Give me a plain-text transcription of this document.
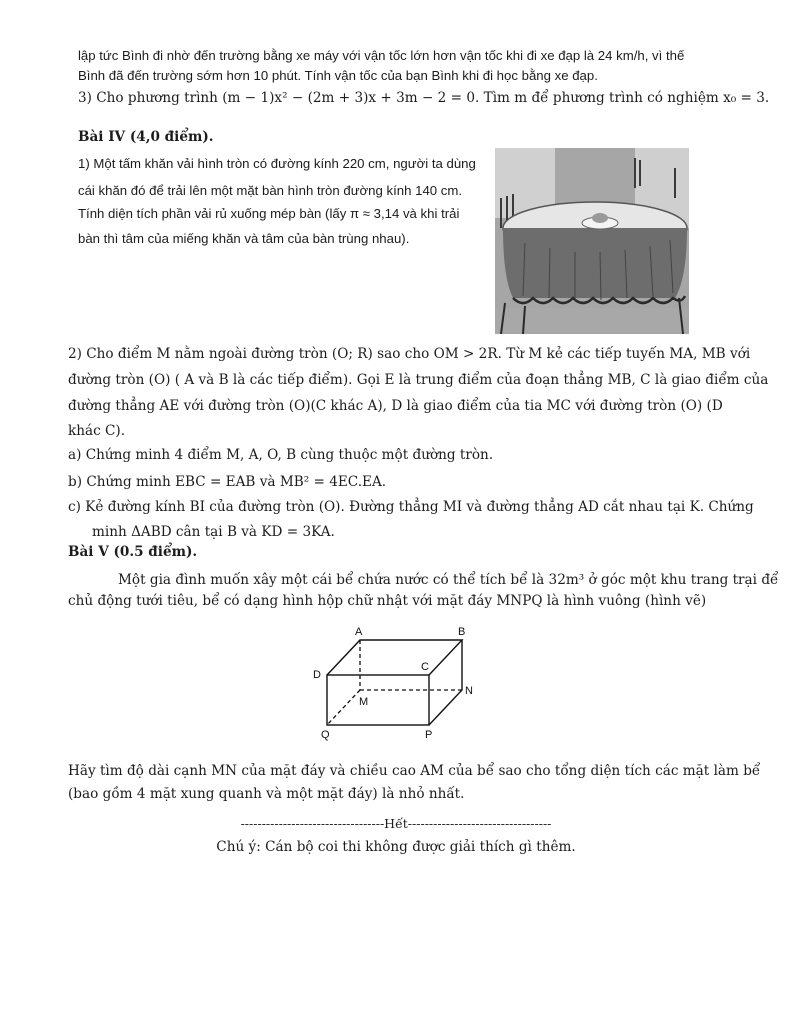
lập tức Bình đi nhờ đến trường bằng xe máy với vận tốc lớn hơn vận tốc khi đi xe đạp là 24 km/h, vì thế
Bình đã đến trường sớm hơn 10 phút. Tính vận tốc của bạn Bình khi đi học bằng xe đạp.
3) Cho phương trình (m − 1)x² − (2m + 3)x + 3m − 2 = 0. Tìm m để phương trình có nghiệm x₀ = 3.
Bài IV (4,0 điểm).
1) Một tấm khăn vải hình tròn có đường kính 220 cm, người ta dùng
cái khăn đó để trải lên một mặt bàn hình tròn đường kính 140 cm.
Tính diện tích phần vải rủ xuống mép bàn (lấy π ≈ 3,14 và khi trải
bàn thì tâm của miếng khăn và tâm của bàn trùng nhau).
2) Cho điểm M nằm ngoài đường tròn (O; R) sao cho OM > 2R. Từ M kẻ các tiếp tuyến MA, MB với
đường tròn (O) ( A và B là các tiếp điểm). Gọi E là trung điểm của đoạn thẳng MB, C là giao điểm của
đường thẳng AE với đường tròn (O)(C khác A), D là giao điểm của tia MC với đường tròn (O) (D
khác C).
a) Chứng minh 4 điểm M, A, O, B cùng thuộc một đường tròn.
b) Chứng minh EBC = EAB và MB² = 4EC.EA.
c) Kẻ đường kính BI của đường tròn (O). Đường thẳng MI và đường thẳng AD cắt nhau tại K. Chứng
minh ΔABD cân tại B và KD = 3KA.
Bài V (0.5 điểm).
Một gia đình muốn xây một cái bể chứa nước có thể tích bể là 32m³ ở góc một khu trang trại để
chủ động tưới tiêu, bể có dạng hình hộp chữ nhật với mặt đáy MNPQ là hình vuông (hình vẽ)
A	B
C
D
M
N
P
Q
Hãy tìm độ dài cạnh MN của mặt đáy và chiều cao AM của bể sao cho tổng diện tích các mặt làm bể
(bao gồm 4 mặt xung quanh và một mặt đáy) là nhỏ nhất.
----------------------------------Hết----------------------------------
Chú ý: Cán bộ coi thi không được giải thích gì thêm.
